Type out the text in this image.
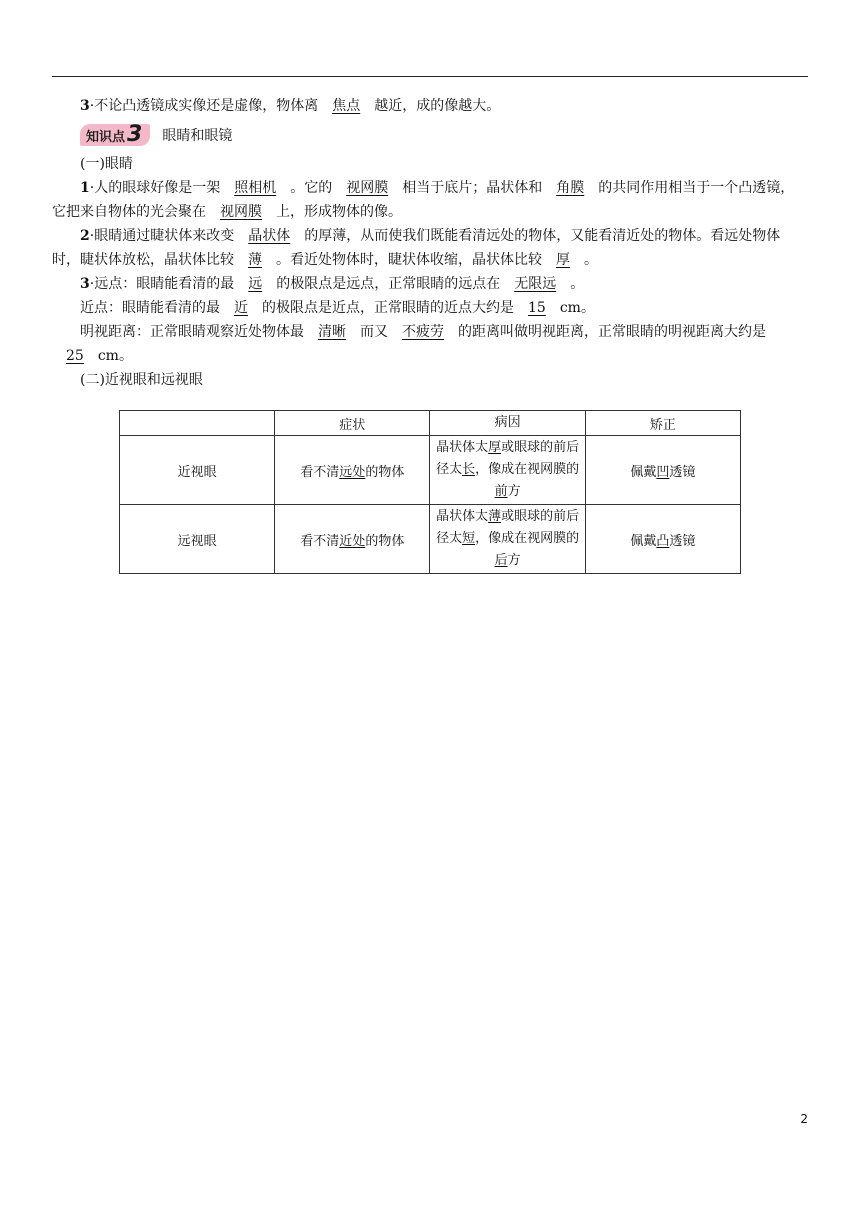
3·不论凸透镜成实像还是虚像，物体离 焦点 越近，成的像越大。

知识点 3 眼睛和眼镜

(一)眼睛

1·人的眼球好像是一架 照相机 。它的 视网膜 相当于底片；晶状体和 角膜 的共同作用相当于一个凸透镜，它把来自物体的光会聚在 视网膜 上，形成物体的像。

2·眼睛通过睫状体来改变 晶状体 的厚薄，从而使我们既能看清远处的物体，又能看清近处的物体。看远处物体时，睫状体放松，晶状体比较 薄 。看近处物体时，睫状体收缩，晶状体比较 厚 。

3·远点：眼睛能看清的最 远 的极限点是远点，正常眼睛的远点在 无限远 。

近点：眼睛能看清的最 近 的极限点是近点，正常眼睛的近点大约是 15 cm。

明视距离：正常眼睛观察近处物体最 清晰 而又 不疲劳 的距离叫做明视距离，正常眼睛的明视距离大约是25 cm。

(二)近视眼和远视眼

	症状	病因	矫正
近视眼	看不清远处的物体	晶状体太厚或眼球的前后径太长，像成在视网膜的前方	佩戴凹透镜
远视眼	看不清近处的物体	晶状体太薄或眼球的前后径太短，像成在视网膜的后方	佩戴凸透镜
2
